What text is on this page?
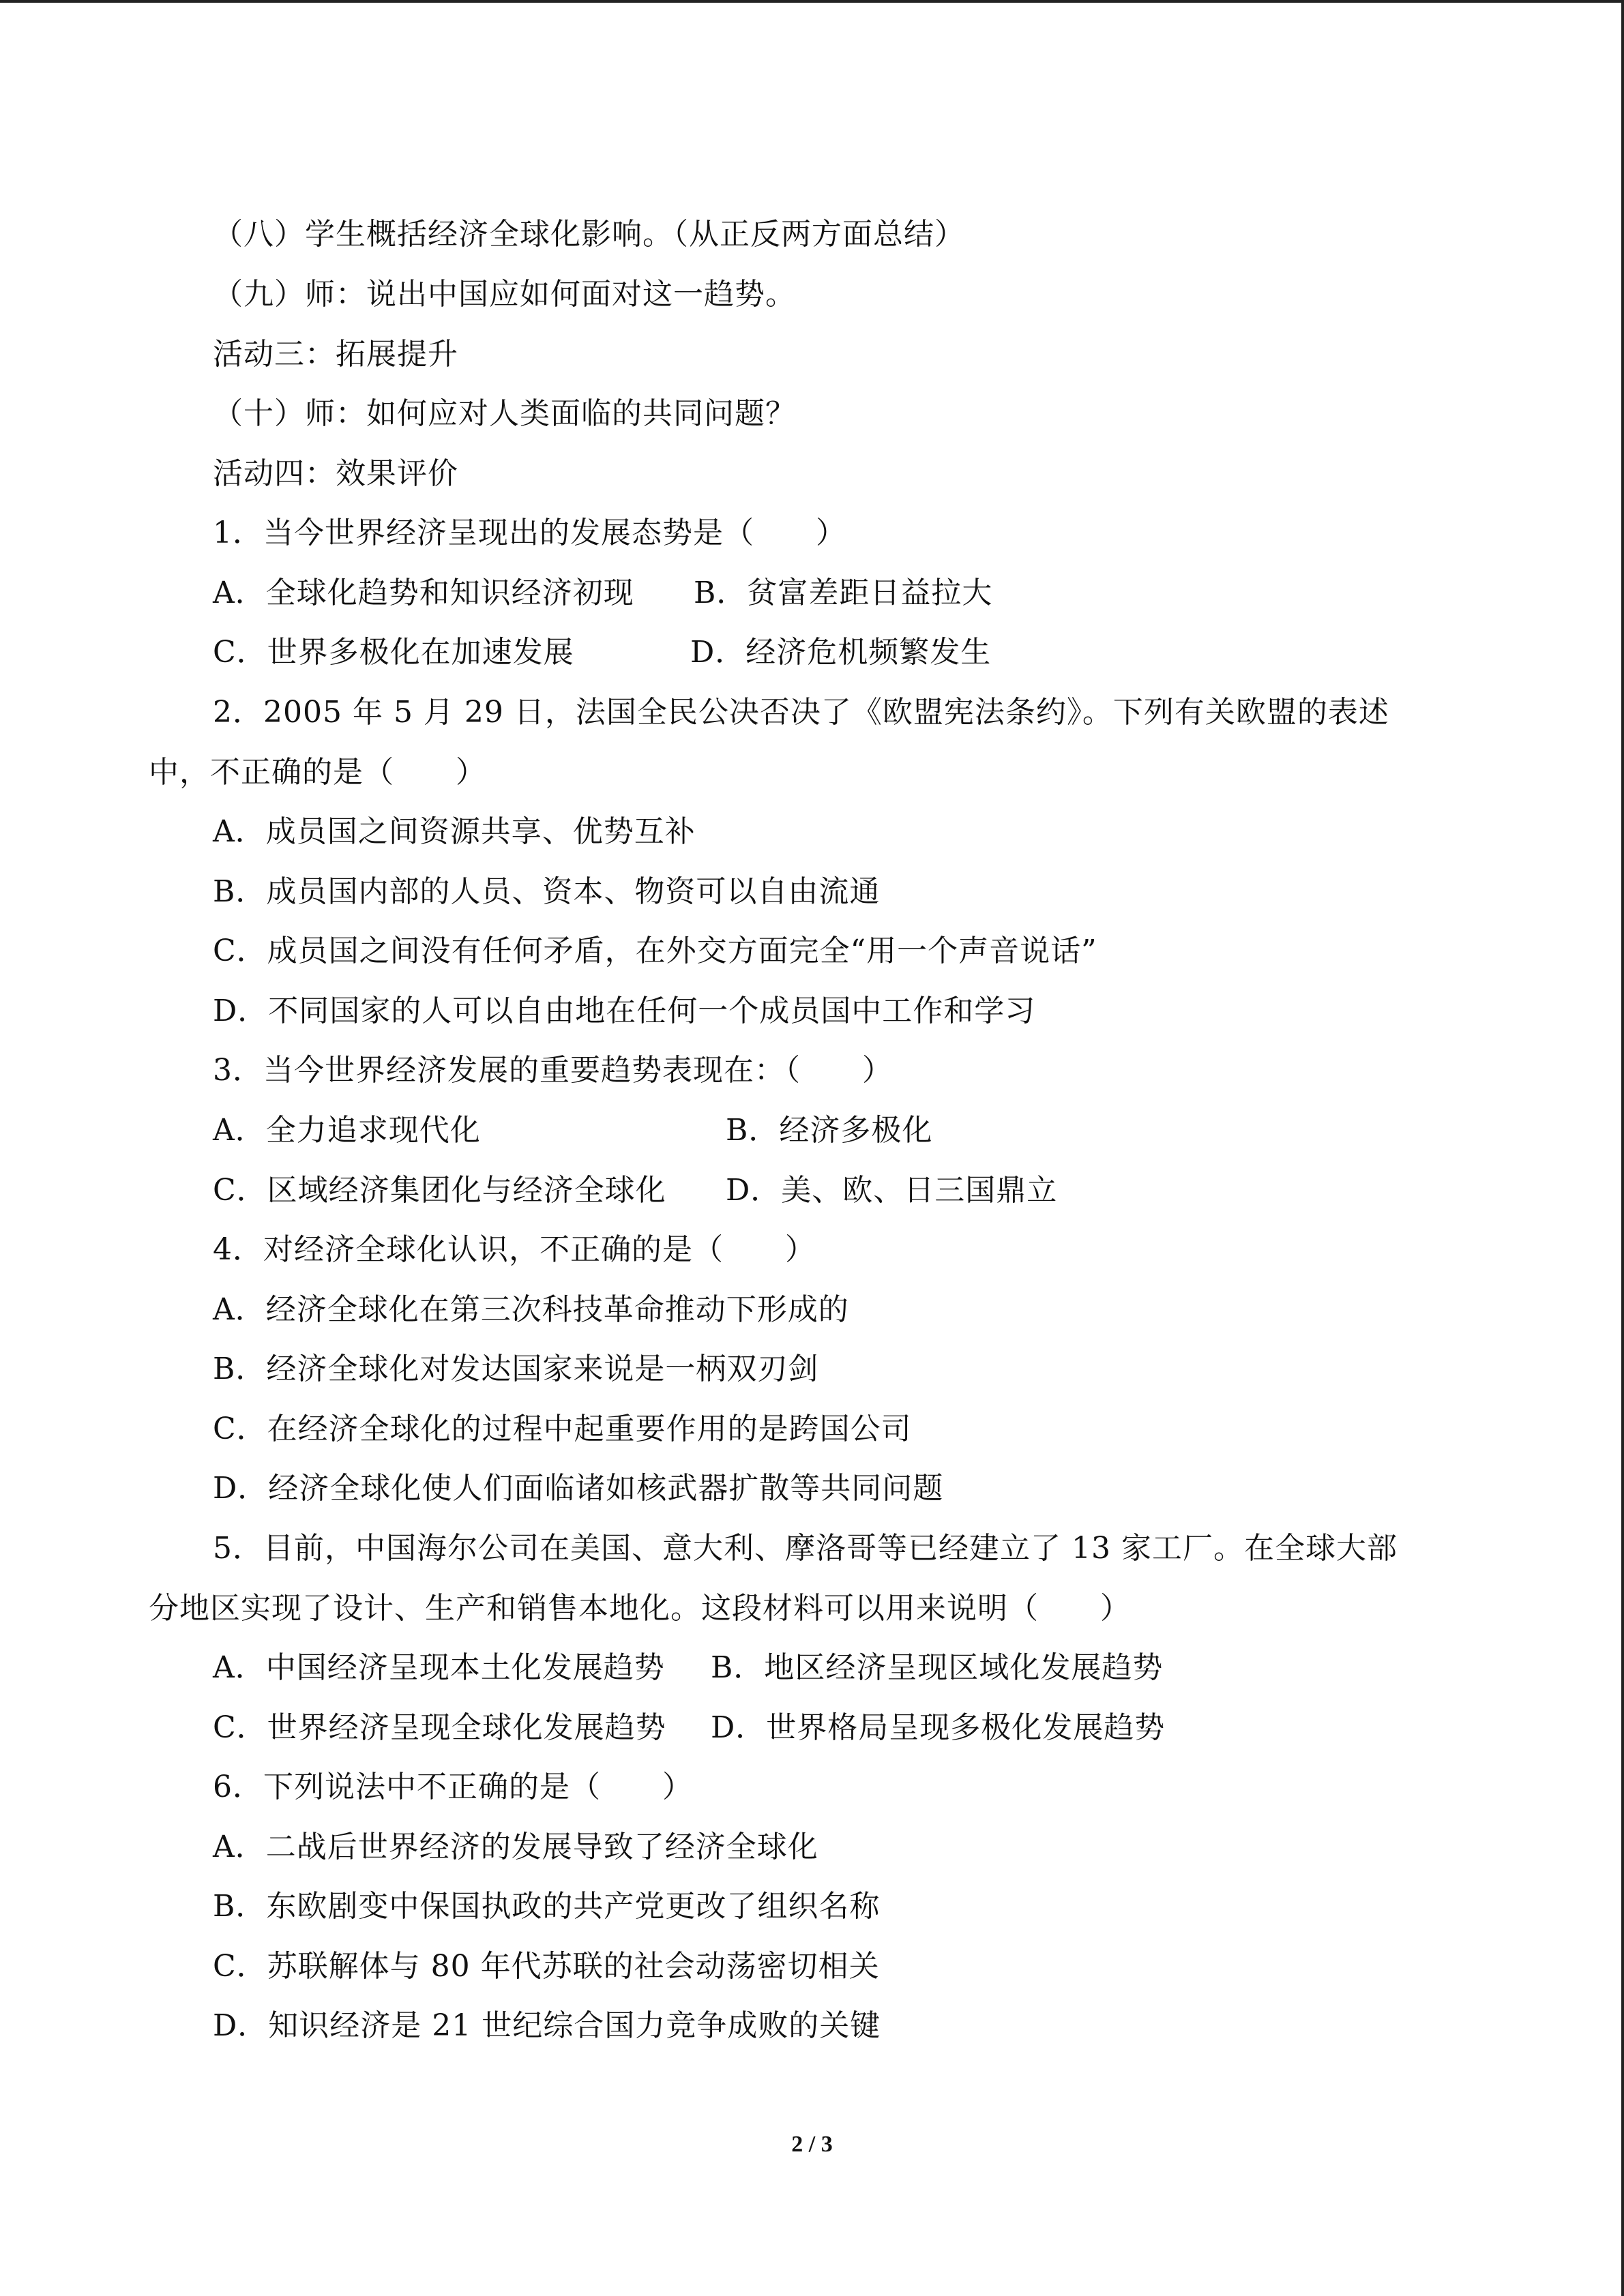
（八）学生概括经济全球化影响。（从正反两方面总结）
（九）师：说出中国应如何面对这一趋势。
活动三：拓展提升
（十）师：如何应对人类面临的共同问题？
活动四：效果评价
1．当今世界经济呈现出的发展态势是（　　）
A．全球化趋势和知识经济初现 B．贫富差距日益拉大
C．世界多极化在加速发展	D．经济危机频繁发生
2．2005 年 5 月 29 日，法国全民公决否决了《欧盟宪法条约》。下列有关欧盟的表述
中，不正确的是（　　）
A．成员国之间资源共享、优势互补
B．成员国内部的人员、资本、物资可以自由流通
C．成员国之间没有任何矛盾，在外交方面完全“用一个声音说话”
D．不同国家的人可以自由地在任何一个成员国中工作和学习
3．当今世界经济发展的重要趋势表现在：（　　）
A．全力追求现代化	B．经济多极化
C．区域经济集团化与经济全球化 D．美、欧、日三国鼎立
4．对经济全球化认识，不正确的是（　　）
A．经济全球化在第三次科技革命推动下形成的
B．经济全球化对发达国家来说是一柄双刃剑
C．在经济全球化的过程中起重要作用的是跨国公司
D．经济全球化使人们面临诸如核武器扩散等共同问题
5．目前，中国海尔公司在美国、意大利、摩洛哥等已经建立了 13 家工厂。在全球大部
分地区实现了设计、生产和销售本地化。这段材料可以用来说明（　　）
A．中国经济呈现本土化发展趋势 B．地区经济呈现区域化发展趋势
C．世界经济呈现全球化发展趋势 D．世界格局呈现多极化发展趋势
6．下列说法中不正确的是（　　）
A．二战后世界经济的发展导致了经济全球化
B．东欧剧变中保国执政的共产党更改了组织名称
C．苏联解体与 80 年代苏联的社会动荡密切相关
D．知识经济是 21 世纪综合国力竞争成败的关键
2 / 3
